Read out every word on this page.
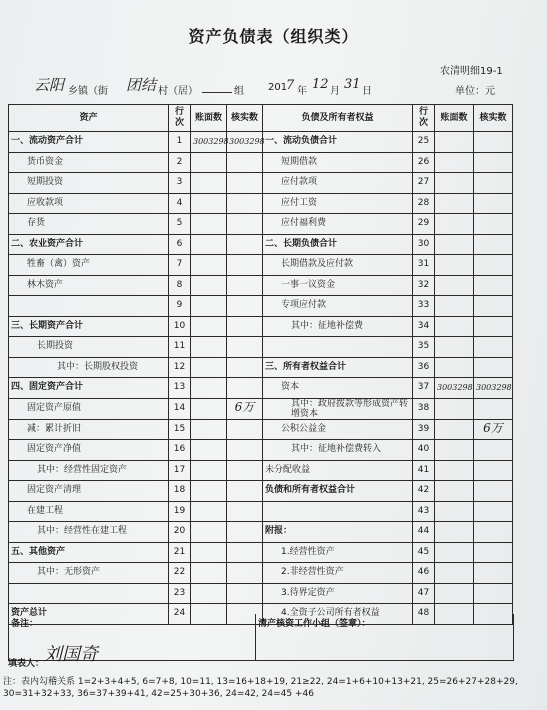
资产负债表（组织类）
农清明细19-1
云阳 乡镇（街 团结 村（居）	组 201
7 年 12 月 31 日	单位：元
资产	行次	账面数	核实数	负债及所有者权益	行次	账面数	核实数
一、流动资产合计	1	3003298	3003298	一、流动负债合计	25		
货币资金	2			短期借款	26		
短期投资	3			应付款项	27		
应收款项	4			应付工资	28		
存货	5			应付福利费	29		
二、农业资产合计	6			二、长期负债合计	30		
牲畜（禽）资产	7			长期借款及应付款	31		
林木资产	8			一事一议资金	32		
	9			专项应付款	33		
三、长期资产合计	10			其中：征地补偿费	34		
长期投资	11				35		
其中：长期股权投资	12			三、所有者权益合计	36		
四、固定资产合计	13			资本	37	3003298	3003298
固定资产原值	14		6万	其中：政府拨款等形成资产转增资本	38		
减：累计折旧	15			公积公益金	39		6万
固定资产净值	16			其中：征地补偿费转入	40		
其中：经营性固定资产	17			未分配收益	41		
固定资产清理	18			负债和所有者权益合计	42		
在建工程	19				43		
其中：经营性在建工程	20			附报：	44		
五、其他资产	21			1.经营性资产	45		
其中：无形资产	22			2.非经营性资产	46		
	23			3.待界定资产	47		
资产总计	24			4.全资子公司所有者权益	48		
备注：	清产核资工作小组（签章）：
填表人： 刘国奇
注：表内勾稽关系 1=2+3+4+5, 6=7+8, 10=11, 13=16+18+19, 21≥22, 24=1+6+10+13+21, 25=26+27+28+29,
30=31+32+33, 36=37+39+41, 42=25+30+36, 24=42, 24=45 +46
